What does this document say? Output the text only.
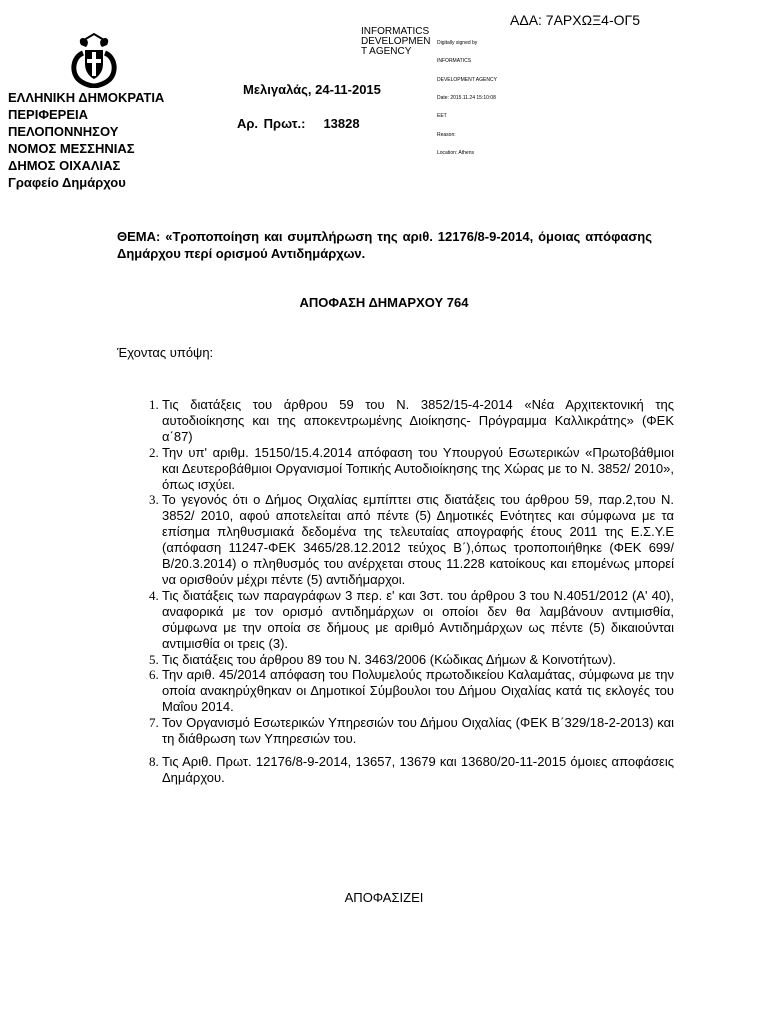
ΑΔΑ: 7ΑΡΧΩΞ4-ΟΓ5
INFORMATICS
DEVELOPMEN
T AGENCY

Digitally signed by

INFORMATICS

DEVELOPMENT AGENCY

Date: 2015.11.24 15:10:08

EET

Reason:

Location: Athens

ΕΛΛΗΝΙΚΗ ΔΗΜΟΚΡΑΤΙΑ
ΠΕΡΙΦΕΡΕΙΑ
ΠΕΛΟΠΟΝΝΗΣΟΥ
ΝΟΜΟΣ ΜΕΣΣΗΝΙΑΣ
ΔΗΜΟΣ ΟΙΧΑΛΙΑΣ
Γραφείο Δημάρχου
Μελιγαλάς, 24-11-2015
Αρ. Πρωτ.: 13828
ΘΕΜΑ: «Τροποποίηση και συμπλήρωση της αριθ. 12176/8-9-2014, όμοιας απόφασης Δημάρχου περί ορισμού Αντιδημάρχων.
ΑΠΟΦΑΣΗ ΔΗΜΑΡΧΟΥ 764
Έχοντας υπόψη:
1. Τις διατάξεις του άρθρου 59 του Ν. 3852/15-4-2014 «Νέα Αρχιτεκτονική της αυτοδιοίκησης και της αποκεντρωμένης Διοίκησης- Πρόγραμμα Καλλικράτης» (ΦΕΚ α΄87)
2. Την υπ' αριθμ. 15150/15.4.2014 απόφαση του Υπουργού Εσωτερικών «Πρωτοβάθμιοι και Δευτεροβάθμιοι Οργανισμοί Τοπικής Αυτοδιοίκησης της Χώρας με το Ν. 3852/ 2010», όπως ισχύει.
3. Το γεγονός ότι ο Δήμος Οιχαλίας εμπίπτει στις διατάξεις του άρθρου 59, παρ.2,του Ν. 3852/ 2010, αφού αποτελείται από πέντε (5) Δημοτικές Ενότητες και σύμφωνα με τα επίσημα πληθυσμιακά δεδομένα της τελευταίας απογραφής έτους 2011 της Ε.Σ.Υ.Ε (απόφαση 11247-ΦΕΚ 3465/28.12.2012 τεύχος Β΄),όπως τροποποιήθηκε (ΦΕΚ 699/Β/20.3.2014) ο πληθυσμός του ανέρχεται στους 11.228 κατοίκους και επομένως μπορεί να ορισθούν μέχρι πέντε (5) αντιδήμαρχοι.
4. Τις διατάξεις των παραγράφων 3 περ. ε' και 3στ. του άρθρου 3 του Ν.4051/2012 (Α' 40), αναφορικά με τον ορισμό αντιδημάρχων οι οποίοι δεν θα λαμβάνουν αντιμισθία, σύμφωνα με την οποία σε δήμους με αριθμό Αντιδημάρχων ως πέντε (5) δικαιούνται αντιμισθία οι τρεις (3).
5. Τις διατάξεις του άρθρου 89 του Ν. 3463/2006 (Κώδικας Δήμων & Κοινοτήτων).
6. Την αριθ. 45/2014 απόφαση του Πολυμελούς πρωτοδικείου Καλαμάτας, σύμφωνα με την οποία ανακηρύχθηκαν οι Δημοτικοί Σύμβουλοι του Δήμου Οιχαλίας κατά τις εκλογές του Μαΐου 2014.
7. Τον Οργανισμό Εσωτερικών Υπηρεσιών του Δήμου Οιχαλίας (ΦΕΚ Β΄329/18-2-2013) και τη διάθρωση των Υπηρεσιών του.
8. Τις Αριθ. Πρωτ. 12176/8-9-2014, 13657, 13679 και 13680/20-11-2015 όμοιες αποφάσεις Δημάρχου.
ΑΠΟΦΑΣΙΖΕΙ
